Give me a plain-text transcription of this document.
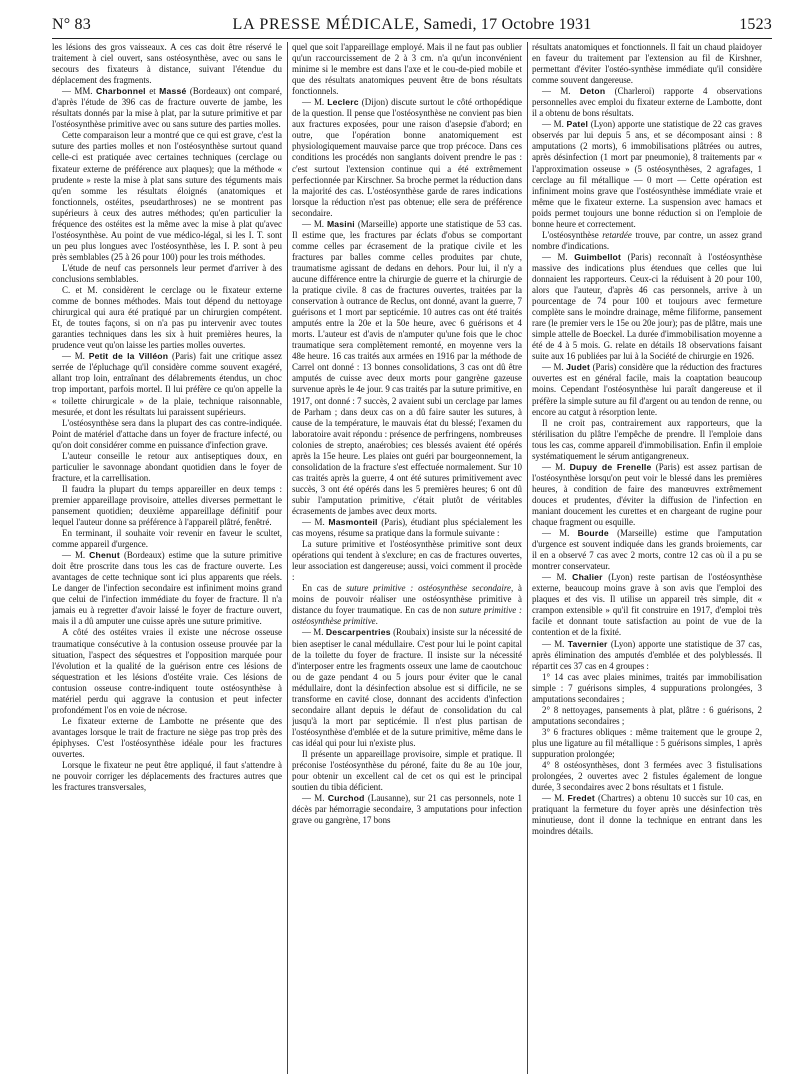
N° 83	LA PRESSE MÉDICALE, Samedi, 17 Octobre 1931	1523

les lésions des gros vaisseaux. A ces cas doit être réservé le traitement à ciel ouvert, sans ostéosynthèse, avec ou sans le secours des fixateurs à distance, suivant l'étendue du déplacement des fragments.

— MM. Charbonnel et Massé (Bordeaux) ont comparé, d'après l'étude de 396 cas de fracture ouverte de jambe, les résultats donnés par la mise à plat, par la suture primitive et par l'ostéosynthèse primitive avec ou sans suture des parties molles.

Cette comparaison leur a montré que ce qui est grave, c'est la suture des parties molles et non l'ostéosynthèse surtout quand celle-ci est pratiquée avec certaines techniques (cerclage ou fixateur externe de préférence aux plaques); que la méthode « prudente » reste la mise à plat sans suture des téguments mais qu'en somme les résultats éloignés (anatomiques et fonctionnels, ostéites, pseudarthroses) ne se montrent pas supérieurs à ceux des autres méthodes; qu'en particulier la fréquence des ostéites est la même avec la mise à plat qu'avec l'ostéosynthèse. Au point de vue médico-légal, si les I. T. sont un peu plus longues avec l'ostéosynthèse, les I. P. sont à peu près semblables (25 à 26 pour 100) pour les trois méthodes.

L'étude de neuf cas personnels leur permet d'arriver à des conclusions semblables.

C. et M. considèrent le cerclage ou le fixateur externe comme de bonnes méthodes. Mais tout dépend du nettoyage chirurgical qui aura été pratiqué par un chirurgien compétent. Et, de toutes façons, si on n'a pas pu intervenir avec toutes garanties techniques dans les six à huit premières heures, la prudence veut qu'on laisse les parties molles ouvertes.

— M. Petit de la Villéon (Paris) fait une critique assez serrée de l'épluchage qu'il considère comme souvent exagéré, allant trop loin, entraînant des délabrements étendus, un choc trop important, parfois mortel. Il lui préfère ce qu'on appelle la « toilette chirurgicale » de la plaie, technique raisonnable, mesurée, et dont les résultats lui paraissent supérieurs.

L'ostéosynthèse sera dans la plupart des cas contre-indiquée. Point de matériel d'attache dans un foyer de fracture infecté, ou qu'on doit considérer comme en puissance d'infection grave.

L'auteur conseille le retour aux antiseptiques doux, en particulier le savonnage abondant quotidien dans le foyer de fracture, et la carrellisation.

Il faudra la plupart du temps appareiller en deux temps : premier appareillage provisoire, attelles diverses permettant le pansement quotidien; deuxième appareillage définitif pour lequel l'auteur donne sa préférence à l'appareil plâtré, fenêtré.

En terminant, il souhaite voir revenir en faveur le scultet, comme appareil d'urgence.

— M. Chenut (Bordeaux) estime que la suture primitive doit être proscrite dans tous les cas de fracture ouverte. Les avantages de cette technique sont ici plus apparents que réels. Le danger de l'infection secondaire est infiniment moins grand que celui de l'infection immédiate du foyer de fracture. Il n'a jamais eu à regretter d'avoir laissé le foyer de fracture ouvert, mais il a dû amputer une cuisse après une suture primitive.

A côté des ostéites vraies il existe une nécrose osseuse traumatique consécutive à la contusion osseuse prouvée par la situation, l'aspect des séquestres et l'opposition marquée pour l'évolution et la qualité de la guérison entre ces lésions de séquestration et les lésions d'ostéite vraie. Ces lésions de contusion osseuse contre-indiquent toute ostéosynthèse à matériel perdu qui aggrave la contusion et peut infecter profondément l'os en voie de nécrose.

Le fixateur externe de Lambotte ne présente que des avantages lorsque le trait de fracture ne siège pas trop près des épiphyses. C'est l'ostéosynthèse idéale pour les fractures ouvertes.

Lorsque le fixateur ne peut être appliqué, il faut s'attendre à ne pouvoir corriger les déplacements des fractures autres que les fractures transversales,

quel que soit l'appareillage employé. Mais il ne faut pas oublier qu'un raccourcissement de 2 à 3 cm. n'a qu'un inconvénient minime si le membre est dans l'axe et le cou-de-pied mobile et que des résultats anatomiques peuvent être de bons résultats fonctionnels.

— M. Leclerc (Dijon) discute surtout le côté orthopédique de la question. Il pense que l'ostéosynthèse ne convient pas bien aux fractures exposées, pour une raison d'asepsie d'abord; en outre, que l'opération bonne anatomiquement est physiologiquement mauvaise parce que trop précoce. Dans ces conditions les procédés non sanglants doivent prendre le pas : c'est surtout l'extension continue qui a été extrêmement perfectionnée par Kirschner. Sa broche permet la réduction dans la majorité des cas. L'ostéosynthèse garde de rares indications lorsque la réduction n'est pas obtenue; elle sera de préférence secondaire.

— M. Masini (Marseille) apporte une statistique de 53 cas. Il estime que, les fractures par éclats d'obus se comportant comme celles par écrasement de la pratique civile et les fractures par balles comme celles produites par chute, traumatisme agissant de dedans en dehors. Pour lui, il n'y a aucune différence entre la chirurgie de guerre et la chirurgie de la pratique civile. 8 cas de fractures ouvertes, traitées par la conservation à outrance de Reclus, ont donné, avant la guerre, 7 guérisons et 1 mort par septicémie. 10 autres cas ont été traités amputés entre la 20e et la 50e heure, avec 6 guérisons et 4 morts. L'auteur est d'avis de n'amputer qu'une fois que le choc traumatique sera complètement remonté, en moyenne vers la 48e heure. 16 cas traités aux armées en 1916 par la méthode de Carrel ont donné : 13 bonnes consolidations, 3 cas ont dû être amputés de cuisse avec deux morts pour gangrène gazeuse survenue après le 4e jour. 9 cas traités par la suture primitive, en 1917, ont donné : 7 succès, 2 avaient subi un cerclage par lames de Parham ; dans deux cas on a dû faire sauter les sutures, à cause de la température, le mauvais état du blessé; l'examen du laboratoire avait répondu : présence de perfringens, nombreuses colonies de strepto, anaérobies; ces blessés avaient été opérés après la 15e heure. Les plaies ont guéri par bourgeonnement, la consolidation de la fracture s'est effectuée normalement. Sur 10 cas traités après la guerre, 4 ont été sutures primitivement avec succès, 3 ont été opérés dans les 5 premières heures; 6 ont dû subir l'amputation primitive, c'était plutôt de véritables écrasements de jambes avec deux morts.

— M. Masmonteil (Paris), étudiant plus spécialement les cas moyens, résume sa pratique dans la formule suivante :

La suture primitive et l'ostéosynthèse primitive sont deux opérations qui tendent à s'exclure; en cas de fractures ouvertes, leur association est dangereuse; aussi, voici comment il procède :

En cas de suture primitive : ostéosynthèse secondaire, à moins de pouvoir réaliser une ostéosynthèse primitive à distance du foyer traumatique. En cas de non suture primitive : ostéosynthèse primitive.

— M. Descarpentries (Roubaix) insiste sur la nécessité de bien aseptiser le canal médullaire. C'est pour lui le point capital de la toilette du foyer de fracture. Il insiste sur la nécessité d'interposer entre les fragments osseux une lame de caoutchouc ou de gaze pendant 4 ou 5 jours pour éviter que le canal médullaire, dont la désinfection absolue est si difficile, ne se transforme en cavité close, donnant des accidents d'infection secondaire allant depuis le défaut de consolidation du cal jusqu'à la mort par septicémie. Il n'est plus partisan de l'ostéosynthèse d'emblée et de la suture primitive, même dans le cas idéal qui pour lui n'existe plus.

Il présente un appareillage provisoire, simple et pratique. Il préconise l'ostéosynthèse du péroné, faite du 8e au 10e jour, pour obtenir un excellent cal de cet os qui est le principal soutien du tibia déficient.

— M. Curchod (Lausanne), sur 21 cas personnels, note 1 décès par hémorragie secondaire, 3 amputations pour infection grave ou gangrène, 17 bons

résultats anatomiques et fonctionnels. Il fait un chaud plaidoyer en faveur du traitement par l'extension au fil de Kirshner, permettant d'éviter l'ostéo-synthèse immédiate qu'il considère comme souvent dangereuse.

— M. Deton (Charleroi) rapporte 4 observations personnelles avec emploi du fixateur externe de Lambotte, dont il a obtenu de bons résultats.

— M. Patel (Lyon) apporte une statistique de 22 cas graves observés par lui depuis 5 ans, et se décomposant ainsi : 8 amputations (2 morts), 6 immobilisations plâtrées ou autres, après désinfection (1 mort par pneumonie), 8 traitements par « l'approximation osseuse » (5 ostéosynthèses, 2 agrafages, 1 cerclage au fil métallique — 0 mort — Cette opération est infiniment moins grave que l'ostéosynthèse immédiate vraie et même que le fixateur externe. La suspension avec hamacs et poids permet toujours une bonne réduction si on l'emploie de bonne heure et correctement.

L'ostéosynthèse retardée trouve, par contre, un assez grand nombre d'indications.

— M. Guimbellot (Paris) reconnaît à l'ostéosynthèse massive des indications plus étendues que celles que lui donnaient les rapporteurs. Ceux-ci la réduisent à 20 pour 100, alors que l'auteur, d'après 46 cas personnels, arrive à un pourcentage de 74 pour 100 et toujours avec fermeture complète sans le moindre drainage, même filiforme, pansement rare (le premier vers le 15e ou 20e jour); pas de plâtre, mais une simple attelle de Boeckel. La durée d'immobilisation moyenne a été de 4 à 5 mois. G. relate en détails 18 observations faisant suite aux 16 publiées par lui à la Société de chirurgie en 1926.

— M. Judet (Paris) considère que la réduction des fractures ouvertes est en général facile, mais la coaptation beaucoup moins. Cependant l'ostéosynthèse lui paraît dangereuse et il préfère la simple suture au fil d'argent ou au tendon de renne, ou encore au catgut à résorption lente.

Il ne croit pas, contrairement aux rapporteurs, que la stérilisation du plâtre l'empêche de prendre. Il l'emploie dans tous les cas, comme appareil d'immobilisation. Enfin il emploie systématiquement le sérum antigangreneux.

— M. Dupuy de Frenelle (Paris) est assez partisan de l'ostéosynthèse lorsqu'on peut voir le blessé dans les premières heures, à condition de faire des manœuvres extrêmement douces et prudentes, d'éviter la diffusion de l'infection en maniant doucement les curettes et en chargeant de rugine pour chaque fragment ou esquille.

— M. Bourde (Marseille) estime que l'amputation d'urgence est souvent indiquée dans les grands broiements, car il en a observé 7 cas avec 2 morts, contre 12 cas où il a pu se montrer conservateur.

— M. Chalier (Lyon) reste partisan de l'ostéosynthèse externe, beaucoup moins grave à son avis que l'emploi des plaques et des vis. Il utilise un appareil très simple, dit « crampon extensible » qu'il fit construire en 1917, d'emploi très facile et donnant toute satisfaction au point de vue de la contention et de la fixité.

— M. Tavernier (Lyon) apporte une statistique de 37 cas, après élimination des amputés d'emblée et des polyblessés. Il répartit ces 37 cas en 4 groupes :

1° 14 cas avec plaies minimes, traités par immobilisation simple : 7 guérisons simples, 4 suppurations prolongées, 3 amputations secondaires ;

2° 8 nettoyages, pansements à plat, plâtre : 6 guérisons, 2 amputations secondaires ;

3° 6 fractures obliques : même traitement que le groupe 2, plus une ligature au fil métallique : 5 guérisons simples, 1 après suppuration prolongée;

4° 8 ostéosynthèses, dont 3 fermées avec 3 fistulisations prolongées, 2 ouvertes avec 2 fistules également de longue durée, 3 secondaires avec 2 bons résultats et 1 fistule.

— M. Fredet (Chartres) a obtenu 10 succès sur 10 cas, en pratiquant la fermeture du foyer après une désinfection très minutieuse, dont il donne la technique en entrant dans les moindres détails.
